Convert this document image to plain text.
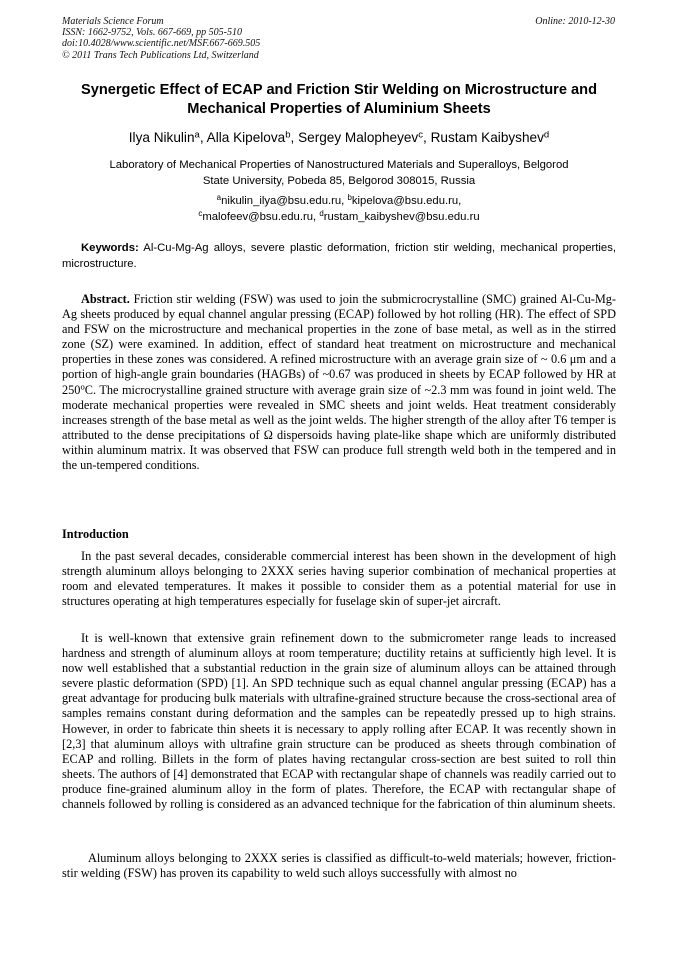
Materials Science Forum
ISSN: 1662-9752, Vols. 667-669, pp 505-510
doi:10.4028/www.scientific.net/MSF.667-669.505
© 2011 Trans Tech Publications Ltd, Switzerland
Online: 2010-12-30
Synergetic Effect of ECAP and Friction Stir Welding on Microstructure and Mechanical Properties of Aluminium Sheets
Ilya Nikulin$^a$, Alla Kipelova$^b$, Sergey Malopheyev$^c$, Rustam Kaibyshev$^d$
Laboratory of Mechanical Properties of Nanostructured Materials and Superalloys, Belgorod
State University, Pobeda 85, Belgorod 308015, Russia
$^a$nikulin_ilya@bsu.edu.ru, $^b$kipelova@bsu.edu.ru,
$^c$malofeev@bsu.edu.ru, $^d$rustam_kaibyshev@bsu.edu.ru
Keywords: Al-Cu-Mg-Ag alloys, severe plastic deformation, friction stir welding, mechanical properties, microstructure.

Abstract. Friction stir welding (FSW) was used to join the submicrocrystalline (SMC) grained Al-Cu-Mg-Ag sheets produced by equal channel angular pressing (ECAP) followed by hot rolling (HR). The effect of SPD and FSW on the microstructure and mechanical properties in the zone of base metal, as well as in the stirred zone (SZ) were examined. In addition, effect of standard heat treatment on microstructure and mechanical properties in these zones was considered. A refined microstructure with an average grain size of ~ 0.6 μm and a portion of high-angle grain boundaries (HAGBs) of ~0.67 was produced in sheets by ECAP followed by HR at 250$^o$C. The microcrystalline grained structure with average grain size of ~2.3 mm was found in joint weld. The moderate mechanical properties were revealed in SMC sheets and joint welds. Heat treatment considerably increases strength of the base metal as well as the joint welds. The higher strength of the alloy after T6 temper is attributed to the dense precipitations of Ω dispersoids having plate-like shape which are uniformly distributed within aluminum matrix. It was observed that FSW can produce full strength weld both in the tempered and in the un-tempered conditions.

Introduction

In the past several decades, considerable commercial interest has been shown in the development of high strength aluminum alloys belonging to 2XXX series having superior combination of mechanical properties at room and elevated temperatures. It makes it possible to consider them as a potential material for use in structures operating at high temperatures especially for fuselage skin of super-jet aircraft.

It is well-known that extensive grain refinement down to the submicrometer range leads to increased hardness and strength of aluminum alloys at room temperature; ductility retains at sufficiently high level. It is now well established that a substantial reduction in the grain size of aluminum alloys can be attained through severe plastic deformation (SPD) [1]. An SPD technique such as equal channel angular pressing (ECAP) has a great advantage for producing bulk materials with ultrafine-grained structure because the cross-sectional area of samples remains constant during deformation and the samples can be repeatedly pressed up to high strains. However, in order to fabricate thin sheets it is necessary to apply rolling after ECAP. It was recently shown in [2,3] that aluminum alloys with ultrafine grain structure can be produced as sheets through combination of ECAP and rolling. Billets in the form of plates having rectangular cross-section are best suited to roll thin sheets. The authors of [4] demonstrated that ECAP with rectangular shape of channels was readily carried out to produce fine-grained aluminum alloy in the form of plates. Therefore, the ECAP with rectangular shape of channels followed by rolling is considered as an advanced technique for the fabrication of thin aluminum sheets.

Aluminum alloys belonging to 2XXX series is classified as difficult-to-weld materials; however, friction-stir welding (FSW) has proven its capability to weld such alloys successfully with almost no
